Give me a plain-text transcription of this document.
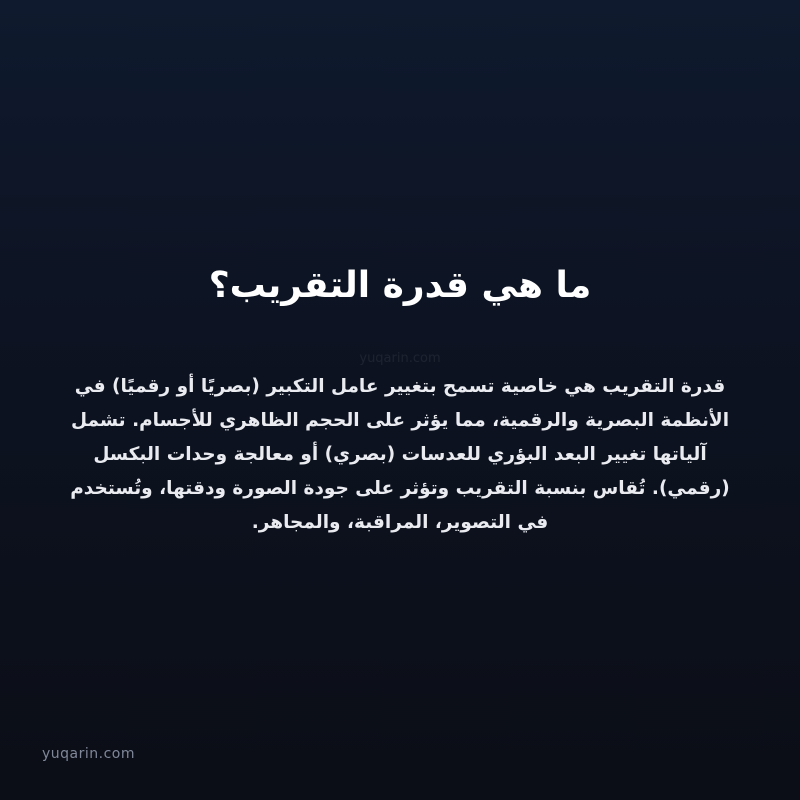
ما هي قدرة التقريب؟
yuqarin.com

قدرة التقريب هي خاصية تسمح بتغيير عامل التكبير (بصريًا أو رقميًا) في الأنظمة البصرية والرقمية، مما يؤثر على الحجم الظاهري للأجسام. تشمل آلياتها تغيير البعد البؤري للعدسات (بصري) أو معالجة وحدات البكسل (رقمي). تُقاس بنسبة التقريب وتؤثر على جودة الصورة ودقتها، وتُستخدم في التصوير، المراقبة، والمجاهر.

yuqarin.com
